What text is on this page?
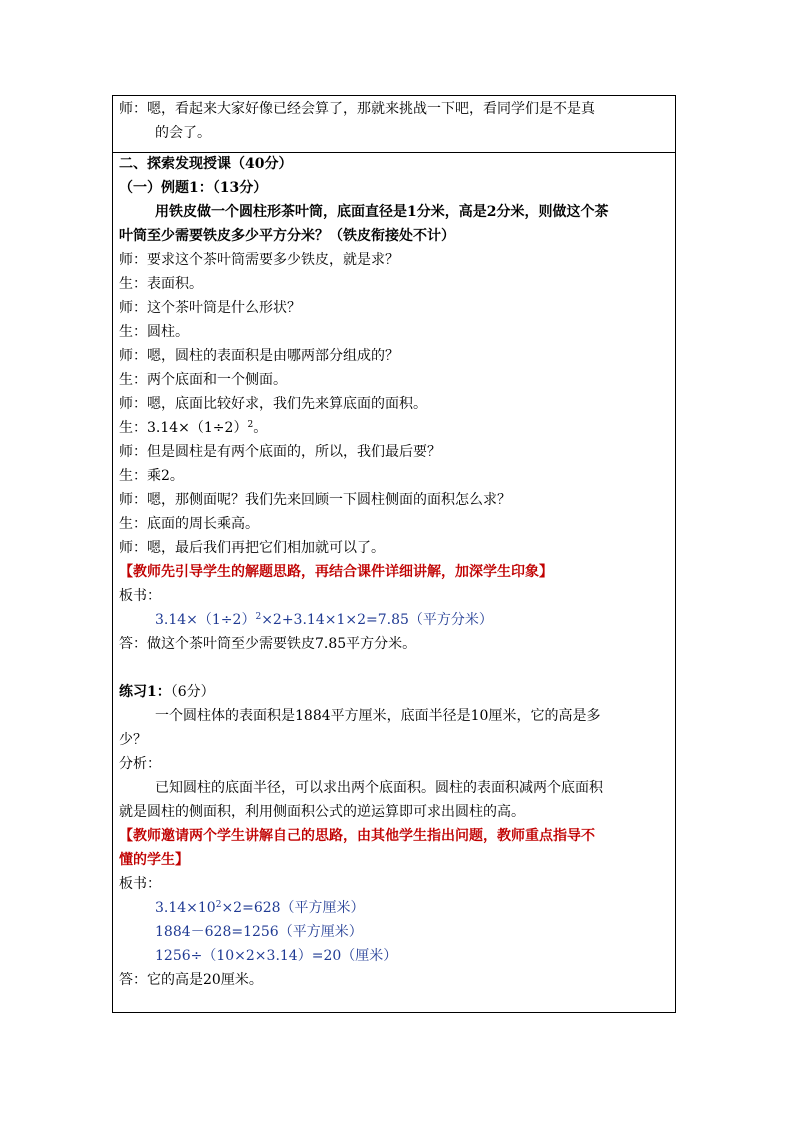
师：嗯，看起来大家好像已经会算了，那就来挑战一下吧，看同学们是不是真
的会了。
二、探索发现授课（40分）
（一）例题1：（13分）
用铁皮做一个圆柱形茶叶筒，底面直径是1分米，高是2分米，则做这个茶
叶筒至少需要铁皮多少平方分米？（铁皮衔接处不计）
师：要求这个茶叶筒需要多少铁皮，就是求？
生：表面积。
师：这个茶叶筒是什么形状？
生：圆柱。
师：嗯，圆柱的表面积是由哪两部分组成的？
生：两个底面和一个侧面。
师：嗯，底面比较好求，我们先来算底面的面积。
生：$3.14\times(1\div 2)^2$。
师：但是圆柱是有两个底面的，所以，我们最后要？
生：乘2。
师：嗯，那侧面呢？我们先来回顾一下圆柱侧面的面积怎么求？
生：底面的周长乘高。
师：嗯，最后我们再把它们相加就可以了。
【教师先引导学生的解题思路，再结合课件详细讲解，加深学生印象】
板书：
$3.14\times(1\div 2)^2\times 2+3.14\times 1\times 2=7.85$（平方分米）
答：做这个茶叶筒至少需要铁皮7.85平方分米。
练习1：（6分）
一个圆柱体的表面积是1884平方厘米，底面半径是10厘米，它的高是多
少？
分析：
已知圆柱的底面半径，可以求出两个底面积。圆柱的表面积减两个底面积
就是圆柱的侧面积，利用侧面积公式的逆运算即可求出圆柱的高。
【教师邀请两个学生讲解自己的思路，由其他学生指出问题，教师重点指导不
懂的学生】
板书：
$3.14\times 10^2\times 2=628$（平方厘米）
1884－628=1256（平方厘米）
1256÷（10×2×3.14）=20（厘米）
答：它的高是20厘米。
